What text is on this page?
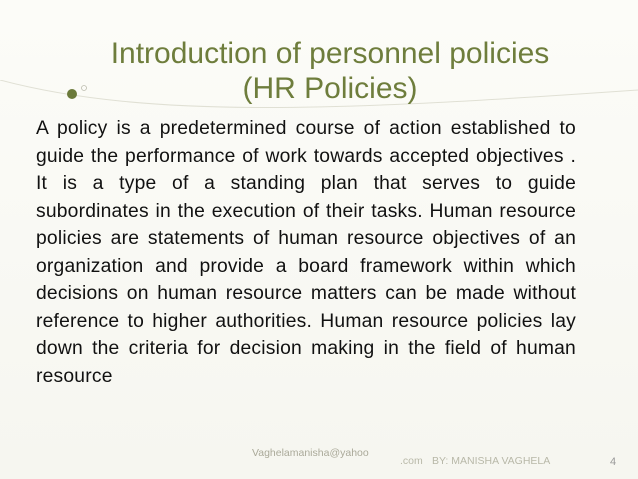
Introduction of personnel policies
(HR Policies)

A policy is a predetermined course of action established to guide the performance of work towards accepted objectives . It is a type of a standing plan that serves to guide subordinates in the execution of their tasks. Human resource policies are statements of human resource objectives of an organization and provide a board framework within which decisions on human resource matters can be made without reference to higher authorities. Human resource policies lay down the criteria for decision making in the field of human resource

Vaghelamanisha@yahoo
.com BY: MANISHA VAGHELA	4
